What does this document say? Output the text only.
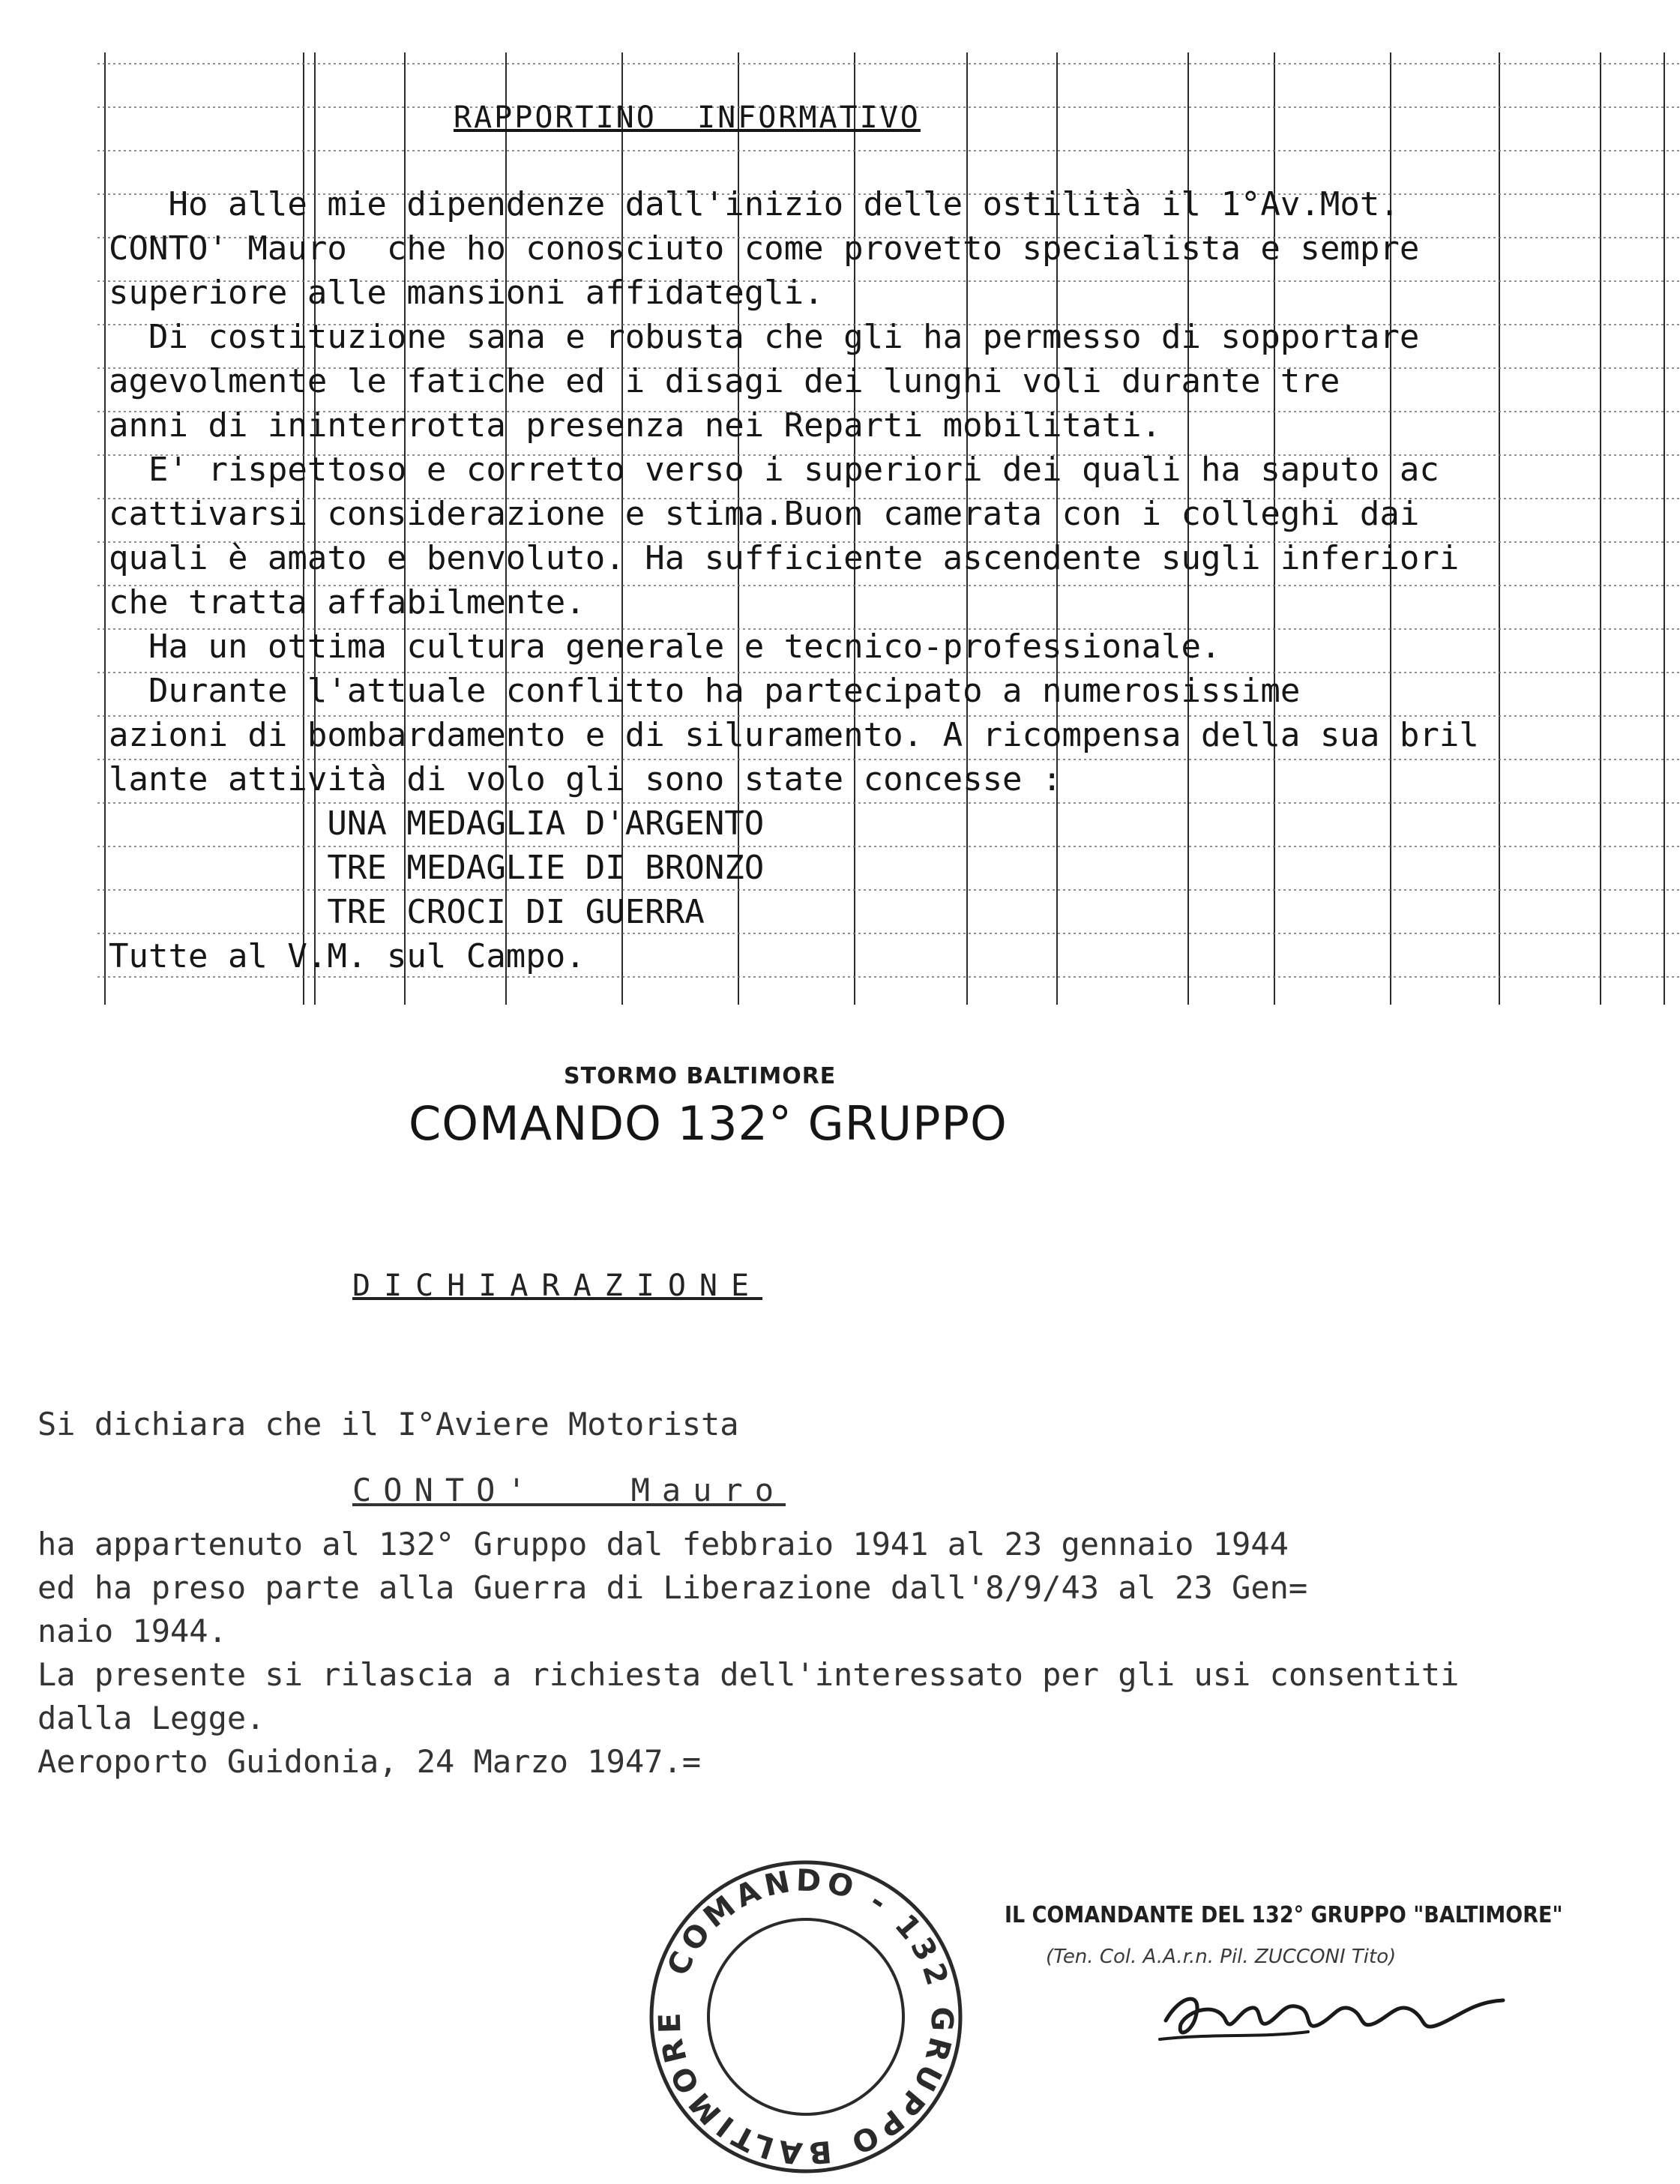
RAPPORTINO  INFORMATIVO
Ho alle mie dipendenze dall'inizio delle ostilità il 1°Av.Mot.
CONTO' Mauro  che ho conosciuto come provetto specialista e sempre
superiore alle mansioni affidategli.
Di costituzione sana e robusta che gli ha permesso di sopportare
agevolmente le fatiche ed i disagi dei lunghi voli durante tre
anni di ininterrotta presenza nei Reparti mobilitati.
E' rispettoso e corretto verso i superiori dei quali ha saputo ac
cattivarsi considerazione e stima.Buon camerata con i colleghi dai
quali è amato e benvoluto. Ha sufficiente ascendente sugli inferiori
che tratta affabilmente.
Ha un ottima cultura generale e tecnico-professionale.
Durante l'attuale conflitto ha partecipato a numerosissime
azioni di bombardamento e di siluramento. A ricompensa della sua bril
lante attività di volo gli sono state concesse :
UNA MEDAGLIA D'ARGENTO
TRE MEDAGLIE DI BRONZO
TRE CROCI DI GUERRA
Tutte al V.M. sul Campo.
STORMO BALTIMORE
COMANDO 132° GRUPPO
DICHIARAZIONE
Si dichiara che il I°Aviere Motorista
CONTO'   Mauro
ha appartenuto al 132° Gruppo dal febbraio 1941 al 23 gennaio 1944
ed ha preso parte alla Guerra di Liberazione dall'8/9/43 al 23 Gen=
naio 1944.
La presente si rilascia a richiesta dell'interessato per gli usi consentiti
dalla Legge.
Aeroporto Guidonia, 24 Marzo 1947.=
COMANDO - 132 GRUPPO BALTIMORE
IL COMANDANTE DEL 132° GRUPPO "BALTIMORE"
(Ten. Col. A.A.r.n. Pil. ZUCCONI Tito)
